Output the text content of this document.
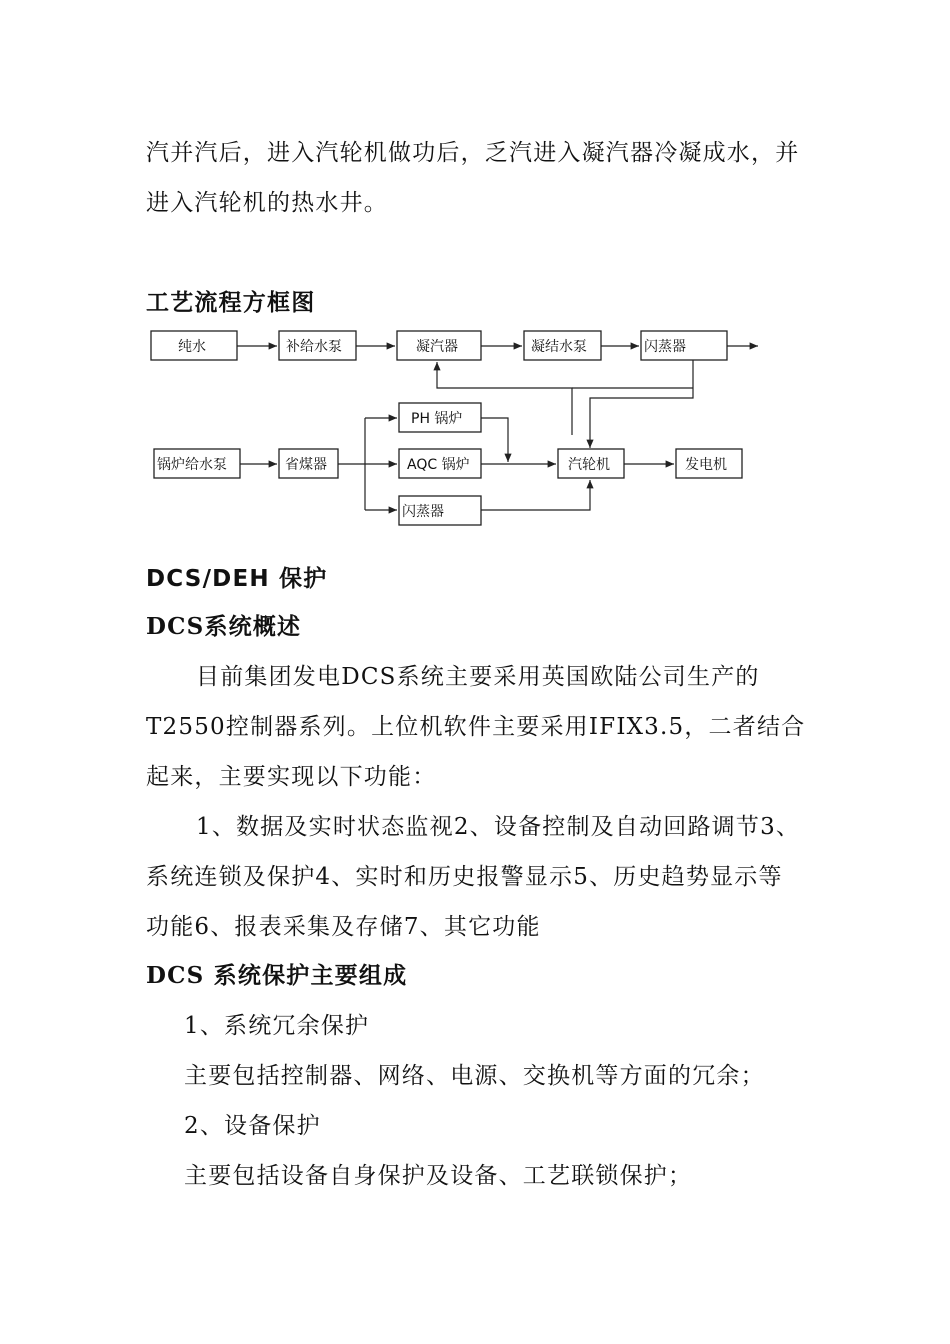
汽并汽后，进入汽轮机做功后，乏汽进入凝汽器冷凝成水，并
进入汽轮机的热水井。
工艺流程方框图
纯水	补给水泵	凝汽器	凝结水泵	闪蒸器
锅炉给水泵	省煤器
PH 锅炉
AQC 锅炉
闪蒸器
汽轮机	发电机
DCS/DEH 保护
DCS系统概述
目前集团发电DCS系统主要采用英国欧陆公司生产的
T2550控制器系列。上位机软件主要采用IFIX3.5，二者结合
起来，主要实现以下功能：
1、数据及实时状态监视2、设备控制及自动回路调节3、
系统连锁及保护4、实时和历史报警显示5、历史趋势显示等
功能6、报表采集及存储7、其它功能
DCS 系统保护主要组成
1、系统冗余保护
主要包括控制器、网络、电源、交换机等方面的冗余；
2、设备保护
主要包括设备自身保护及设备、工艺联锁保护；
